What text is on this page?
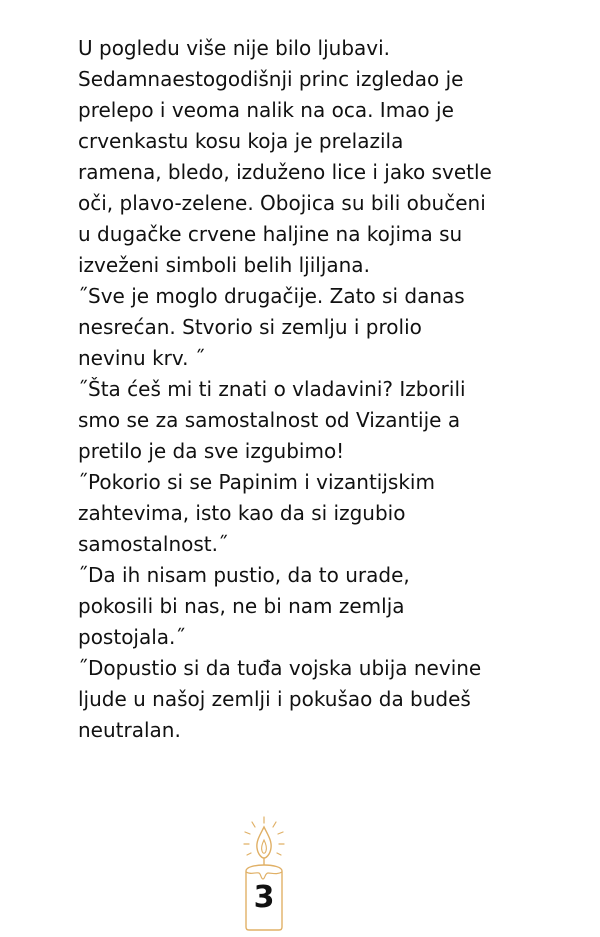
U pogledu više nije bilo ljubavi.
Sedamnaestogodišnji princ izgledao je
prelepo i veoma nalik na oca. Imao je
crvenkastu kosu koja je prelazila
ramena, bledo, izduženo lice i jako svetle
oči, plavo-zelene. Obojica su bili obučeni
u dugačke crvene haljine na kojima su
izveženi simboli belih ljiljana.
˝Sve je moglo drugačije. Zato si danas
nesrećan. Stvorio si zemlju i prolio
nevinu krv. ˝
˝Šta ćeš mi ti znati o vladavini? Izborili
smo se za samostalnost od Vizantije a
pretilo je da sve izgubimo!
˝Pokorio si se Papinim i vizantijskim
zahtevima, isto kao da si izgubio
samostalnost.˝
˝Da ih nisam pustio, da to urade,
pokosili bi nas, ne bi nam zemlja
postojala.˝
˝Dopustio si da tuđa vojska ubija nevine
ljude u našoj zemlji i pokušao da budeš
neutralan.
3
